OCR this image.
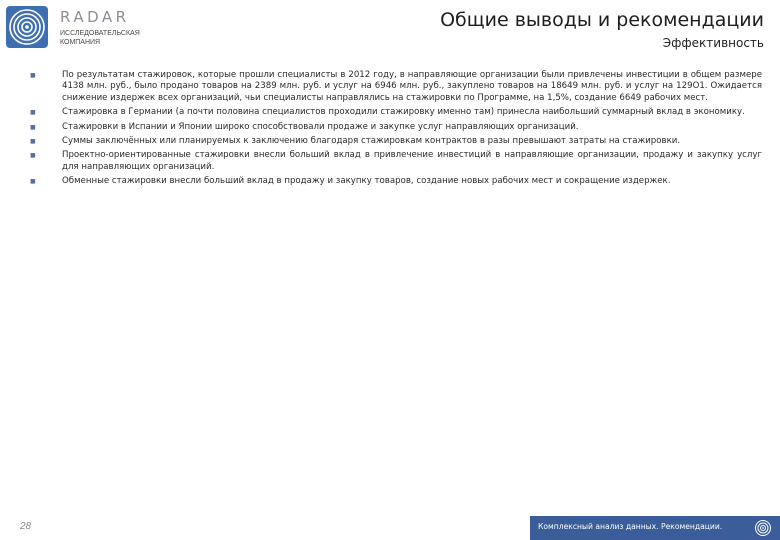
RADAR
ИССЛЕДОВАТЕЛЬСКАЯ КОМПАНИЯ
Общие выводы и рекомендации
Эффективность
■	По результатам стажировок, которые прошли специалисты в 2012 году, в направляющие организации были привлечены инвестиции в общем размере 4138 млн. руб., было продано товаров на 2389 млн. руб. и услуг на 6946 млн. руб., закуплено товаров на 18649 млн. руб. и услуг на 129О1. Ожидается снижение издержек всех организаций, чьи специалисты направлялись на стажировки по Программе, на 1,5%, создание 6649 рабочих мест.
■	Стажировка в Германии (а почти половина специалистов проходили стажировку именно там) принесла наибольший суммарный вклад в экономику.
■	Стажировки в Испании и Японии широко способствовали продаже и закупке услуг направляющих организаций.
■	Суммы заключённых или планируемых к заключению благодаря стажировкам контрактов в разы превышают затраты на стажировки.
■	Проектно-ориентированные стажировки внесли больший вклад в привлечение инвестиций в направляющие организации, продажу и закупку услуг для направляющих организаций.
■	Обменные стажировки внесли больший вклад в продажу и закупку товаров, создание новых рабочих мест и сокращение издержек.
28	Комплексный анализ данных. Рекомендации.
